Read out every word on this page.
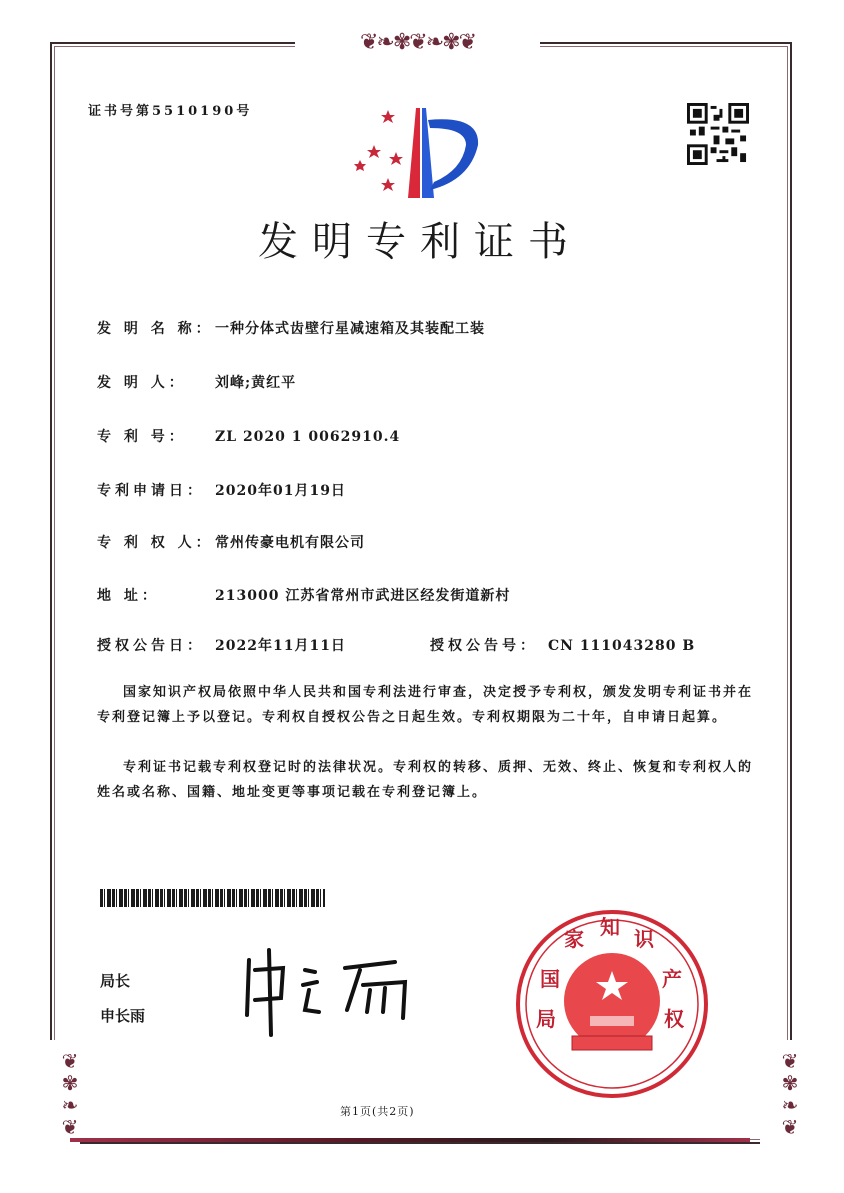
❦❧✾❦❧✾❦
❦✾❧❦	❦✾❧❦
证书号第5510190号
发明专利证书
发 明 名 称：一种分体式齿壁行星减速箱及其装配工装
发 明 人： 刘峰;黄红平
专 利 号： ZL 2020 1 0062910.4
专利申请日： 2020年01月19日
专 利 权 人：常州传豪电机有限公司
地 址：	213000 江苏省常州市武进区经发街道新村
授权公告日： 2022年11月11日	授权公告号： CN 111043280 B
国家知识产权局依照中华人民共和国专利法进行审查，决定授予专利权，颁发发明专利证书并在专利登记簿上予以登记。专利权自授权公告之日起生效。专利权期限为二十年，自申请日起算。
专利证书记载专利权登记时的法律状况。专利权的转移、质押、无效、终止、恢复和专利权人的姓名或名称、国籍、地址变更等事项记载在专利登记簿上。
局长
申长雨
国
家 知 识
产
权
局
第1页(共2页)
